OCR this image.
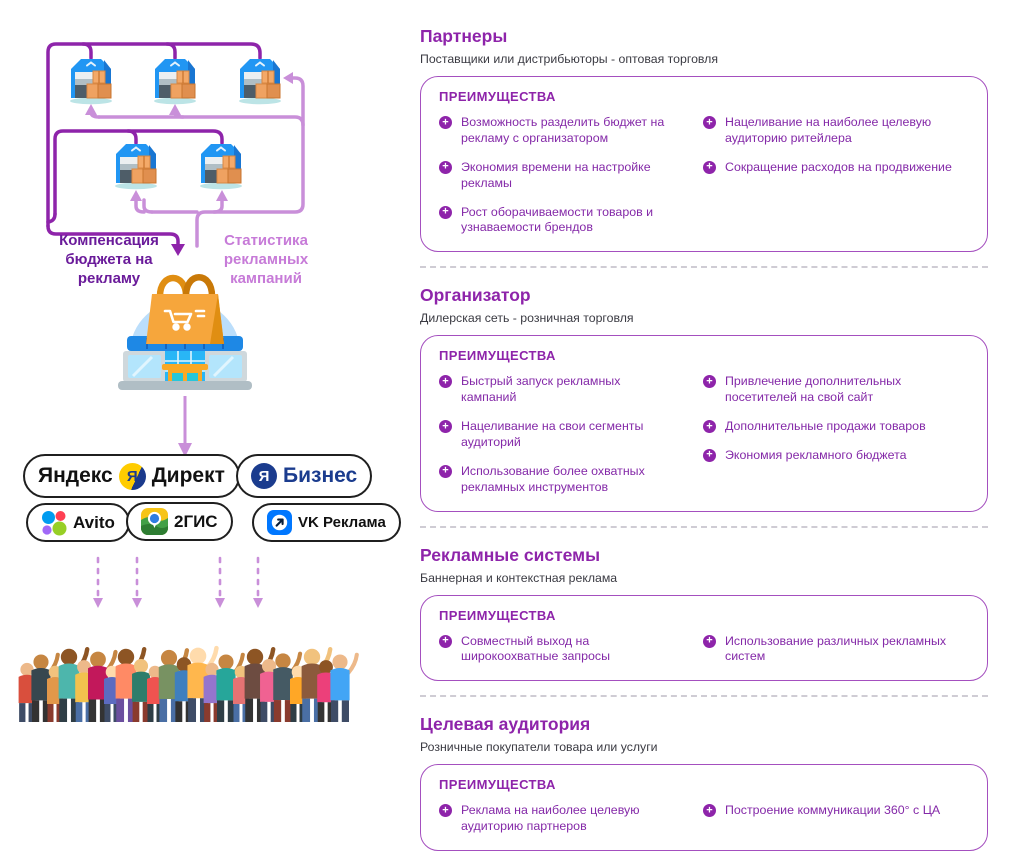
Компенсация бюджета на рекламу
Статистика рекламных кампаний
Яндекс Я Директ	Я Бизнес
Avito	2ГИС	VK Реклама
Партнеры

Поставщики или дистрибьюторы - оптовая торговля

ПРЕИМУЩЕСТВА
+
Возможность разделить бюджет на рекламу с организатором
+
Экономия времени на настройке рекламы
+
Рост оборачиваемости товаров и узнаваемости брендов
+
Нацеливание на наиболее целевую аудиторию ритейлера
+
Сокращение расходов на продвижение
Организатор

Дилерская сеть - розничная торговля

ПРЕИМУЩЕСТВА
+
Быстрый запуск рекламных кампаний
+
Нацеливание на свои сегменты аудиторий
+
Использование более охватных рекламных инструментов
+
Привлечение дополнительных посетителей на свой сайт
+
Дополнительные продажи товаров
+
Экономия рекламного бюджета
Рекламные системы

Баннерная и контекстная реклама

ПРЕИМУЩЕСТВА
+
Совместный выход на широкоохватные запросы
+
Использование различных рекламных систем
Целевая аудитория

Розничные покупатели товара или услуги

ПРЕИМУЩЕСТВА
+
Реклама на наиболее целевую аудиторию партнеров
+
Построение коммуникации 360° с ЦА
